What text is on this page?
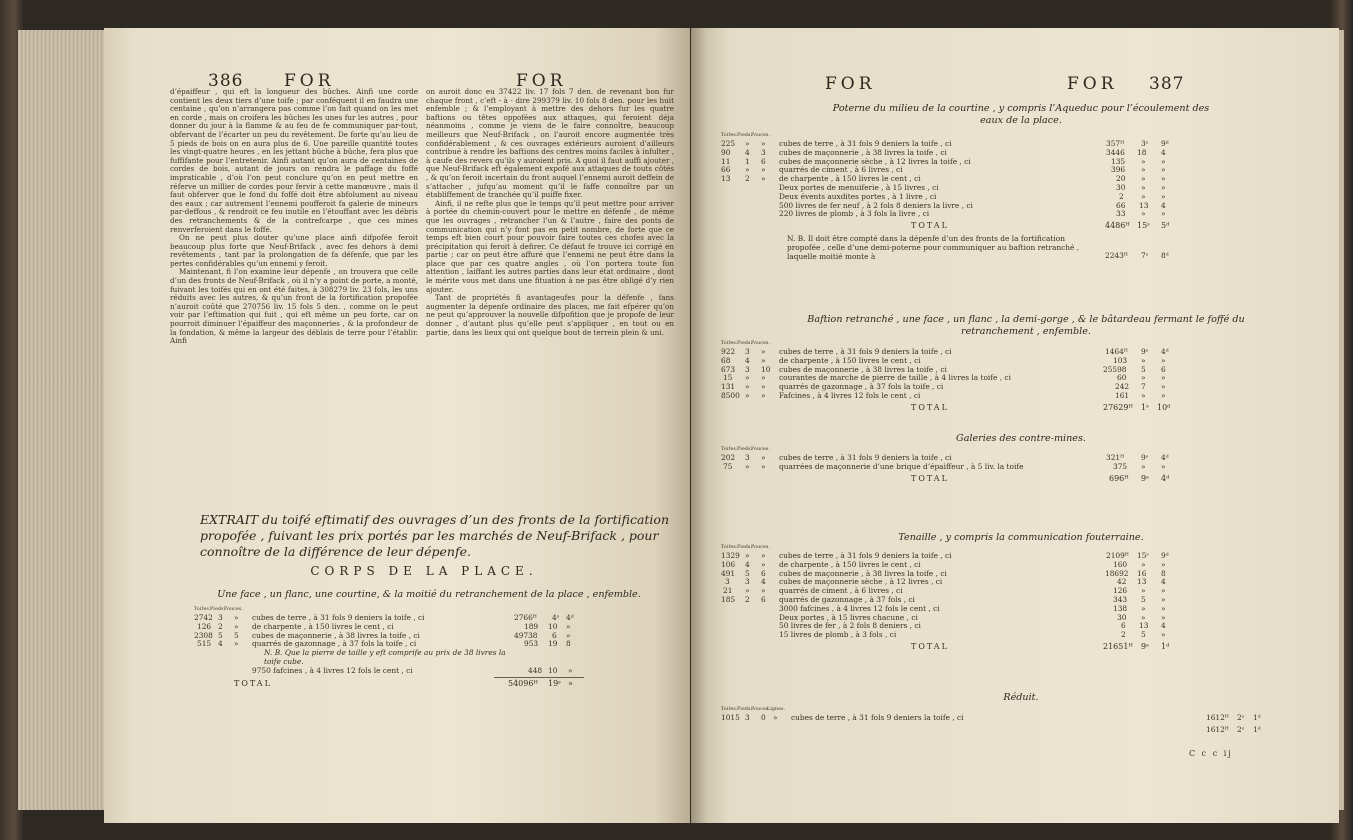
386 FOR	FOR

d’épaiffeur , qui eft la longueur des bûches. Ainfi une corde contient les deux tiers d’une toife ; par conféquent il en faudra une centaine , qu’on n’arrangera pas comme l’on fait quand on les met en corde , mais on croifera les bûches les unes fur les autres , pour donner du jour à la flamme & au feu de fe communiquer par-tout, obfervant de l’écarter un peu du revêtement. De forte qu’au lieu de 5 pieds de bois on en aura plus de 6. Une pareille quantité toutes les vingt-quatre heures , en les jettant bûche à bûche, fera plus que fuffifante pour l’entretenir. Ainfi autant qu’on aura de centaines de cordes de bois, autant de jours on rendra le paffage du foffé impraticable , d’où l’on peut conclure qu’on en peut mettre en réferve un millier de cordes pour fervir à cette manœuvre , mais il faut obferver que le fond du foffé doit être abfolument au niveau des eaux ; car autrement l’ennemi poufferoit fa galerie de mineurs par-deffous , & rendroit ce feu inutile en l’étouffant avec les débris des retranchements & de la contrefcarpe , que ces mines renverferoient dans le foffé.

On ne peut plus douter qu’une place ainfi difpofée feroit beaucoup plus forte que Neuf-Brifack , avec fes dehors à demi revêtements , tant par la prolongation de fa défenfe, que par les pertes confidérables qu’un ennemi y feroit.

Maintenant, fi l’on examine leur dépenfe , on trouvera que celle d’un des fronts de Neuf-Brifack , où il n’y a point de porte, a monté, fuivant les toifés qui en ont été faites, à 308279 liv. 23 fols, les uns réduits avec les autres, & qu’un front de la fortification propofée n’auroit coûté que 270756 liv. 15 fols 5 den. , comme on le peut voir par l’eftimation qui fuit , qui eft même un peu forte, car on pourroit diminuer l’épaiffeur des maçonneries , & la profondeur de la fondation, & même la largeur des déblais de terre pour l’établir. Ainfi

on auroit donc eu 37422 liv. 17 fols 7 den. de revenant bon fur chaque front , c’eft - à - dire 299379 liv. 10 fols 8 den. pour les huit enfemble ; & l’employant à mettre des dehors fur les quatre baftions ou têtes oppofées aux attaques, qui feroient déja néanmoins , comme je viens de le faire connoître, beaucoup meilleurs que Neuf-Brifack , on l’auroit encore augmentée très confidérablement , & ces ouvrages extérieurs auroient d’ailleurs contribué à rendre les baftions des centres moins faciles à infulter , à caufe des revers qu’ils y auroient pris. A quoi il faut auffi ajouter , que Neuf-Brifack eft également expofé aux attaques de touts côtés , & qu’on feroit incertain du front auquel l’ennemi auroit deffein de s’attacher , jufqu’au moment qu’il le faffe connoître par un établiffement de tranchée qu’il puiffe fixer.

Ainfi, il ne refte plus que le temps qu’il peut mettre pour arriver à portée du chemin-couvert pour le mettre en défenfe , de même que les ouvrages , retrancher l’un & l’autre , faire des ponts de communication qui n’y font pas en petit nombre, de forte que ce temps eft bien court pour pouvoir faire toutes ces chofes avec la précipitation qui feroit à defirer. Ce défaut fe trouve ici corrigé en partie ; car on peut être affuré que l’ennemi ne peut être dans la place que par ces quatre angles , où l’on portera toute fon attention , laiffant les autres parties dans leur état ordinaire , dont le mérite vous met dans une fituation à ne pas être obligé d’y rien ajouter.

Tant de propriétés fi avantageufes pour la défenfe , fans augmenter la dépenfe ordinaire des places, me fait efpérer qu’on ne peut qu’approuver la nouvelle difpofition que je propofe de leur donner , d’autant plus qu’elle peut s’appliquer , en tout ou en partie, dans les lieux qui ont quelque bout de terrein plein & uni.

EXTRAIT du toifé eftimatif des ouvrages d’un des fronts de la fortification propofée , fuivant les prix portés par les marchés de Neuf-Brifack , pour connoître de la différence de leur dépenfe.
CORPS DE LA PLACE.
Une face , un flanc, une courtine, & la moitié du retranchement de la place , enfemble.
Toifes. Pieds.
Pouces.
2742 3 » cubes de terre , à 31 fols 9 deniers la toife , ci	2766ᴴ 4ˢ 4ᵈ
126 2 » de charpente , à 150 livres le cent , ci	189 10 »
2308 5 5 cubes de maçonnerie , à 38 livres la toife , ci	49738 6 »
515 4 » quarrés de gazonnage , à 37 fols la toife , ci	953 19 8
N. B. Que la pierre de taille y eft comprife au prix de 38 livres la toife cube.
9750 fafcines , à 4 livres 12 fols le cent , ci	448 10 »
TOTAL	54096ᴴ 19ˢ »
FOR	FOR 387
Poterne du milieu de la courtine , y compris l’Aqueduc pour l’écoulement des eaux de la place.
Toifes. Pieds.
Pouces.
225 » » cubes de terre , à 31 fols 9 deniers la toife , ci	357ᴴ 3ˢ 9ᵈ
90 4 3 cubes de maçonnerie , à 38 livres la toife , ci	3446 18 4
11 1 6 cubes de maçonnerie sèche , à 12 livres la toife , ci	135 » »
66 » » quarrés de ciment , à 6 livres , ci	396 » »
13 2 » de charpente , à 150 livres le cent , ci	20 » »
Deux portes de menuiferie , à 15 livres , ci	30 » »
Deux évents auxdites portes , à 1 livre , ci	2 » »
500 livres de fer neuf , à 2 fols 8 deniers la livre , ci	66 13 4
220 livres de plomb , à 3 fols la livre , ci	33 » »
TOTAL	4486ᴴ 15ˢ 5ᵈ
N. B. Il doit être compté dans la dépenfe d’un des fronts de la fortification propofée , celle d’une demi-poterne pour communiquer au baftion retranché , laquelle moitié monte à	2243ᴴ 7ˢ 8ᵈ
Baftion retranché , une face , un flanc , la demi-gorge , & le bâtardeau fermant le foffé du retranchement , enfemble.
Toifes. Pieds.
Pouces.
922 3 » cubes de terre , à 31 fols 9 deniers la toife , ci	1464ᴴ 9ˢ 4ᵈ
68 4 » de charpente , à 150 livres le cent , ci	103 » »
673 3 10 cubes de maçonnerie , à 38 livres la toife , ci	25598 5 6
15 » » courantes de marche de pierre de taille , à 4 livres la toife , ci	60 » »
131 » » quarrés de gazonnage , à 37 fols la toife , ci	242 7 »
8500 » » Fafcines , à 4 livres 12 fols le cent , ci	161 » »
TOTAL	27629ᴴ 1ˢ 10ᵈ
Galeries des contre-mines.
Toifes. Pieds.
Pouces.
202 3 » cubes de terre , à 31 fols 9 deniers la toife , ci	321ᴴ 9ˢ 4ᵈ
75 » » quarrées de maçonnerie d’une brique d’épaiffeur , à 5 liv. la toife	375 » »
TOTAL	696ᴴ 9ˢ 4ᵈ
Tenaille , y compris la communication fouterraine.
Toifes. Pieds.
Pouces.
1329 » » cubes de terre , à 31 fols 9 deniers la toife , ci	2109ᴴ 15ˢ 9ᵈ
106 4 » de charpente , à 150 livres le cent , ci	160 » »
491 5 6 cubes de maçonnerie , à 38 livres la toife , ci	18692 16 8
3 3 4 cubes de maçonnerie sèche , à 12 livres , ci	42 13 4
21 » » quarrés de ciment , à 6 livres , ci	126 » »
185 2 6 quarrés de gazonnage , à 37 fols , ci	343 5 »
3000 fafcines , à 4 livres 12 fols le cent , ci	138 » »
Deux portes , à 15 livres chacune , ci	30 » »
50 livres de fer , à 2 fols 8 deniers , ci	6 13 4
15 livres de plomb , à 3 fols , ci	2 5 »
TOTAL	21651ᴴ 9ˢ 1ᵈ
Réduit.
Toifes. Pieds.
Pouces.
Lignes.
1015 3 0 » cubes de terre , à 31 fols 9 deniers la toife , ci	1612ᴴ 2ˢ 1ᵈ
1612ᴴ 2ˢ 1ᵈ
C c c ij
